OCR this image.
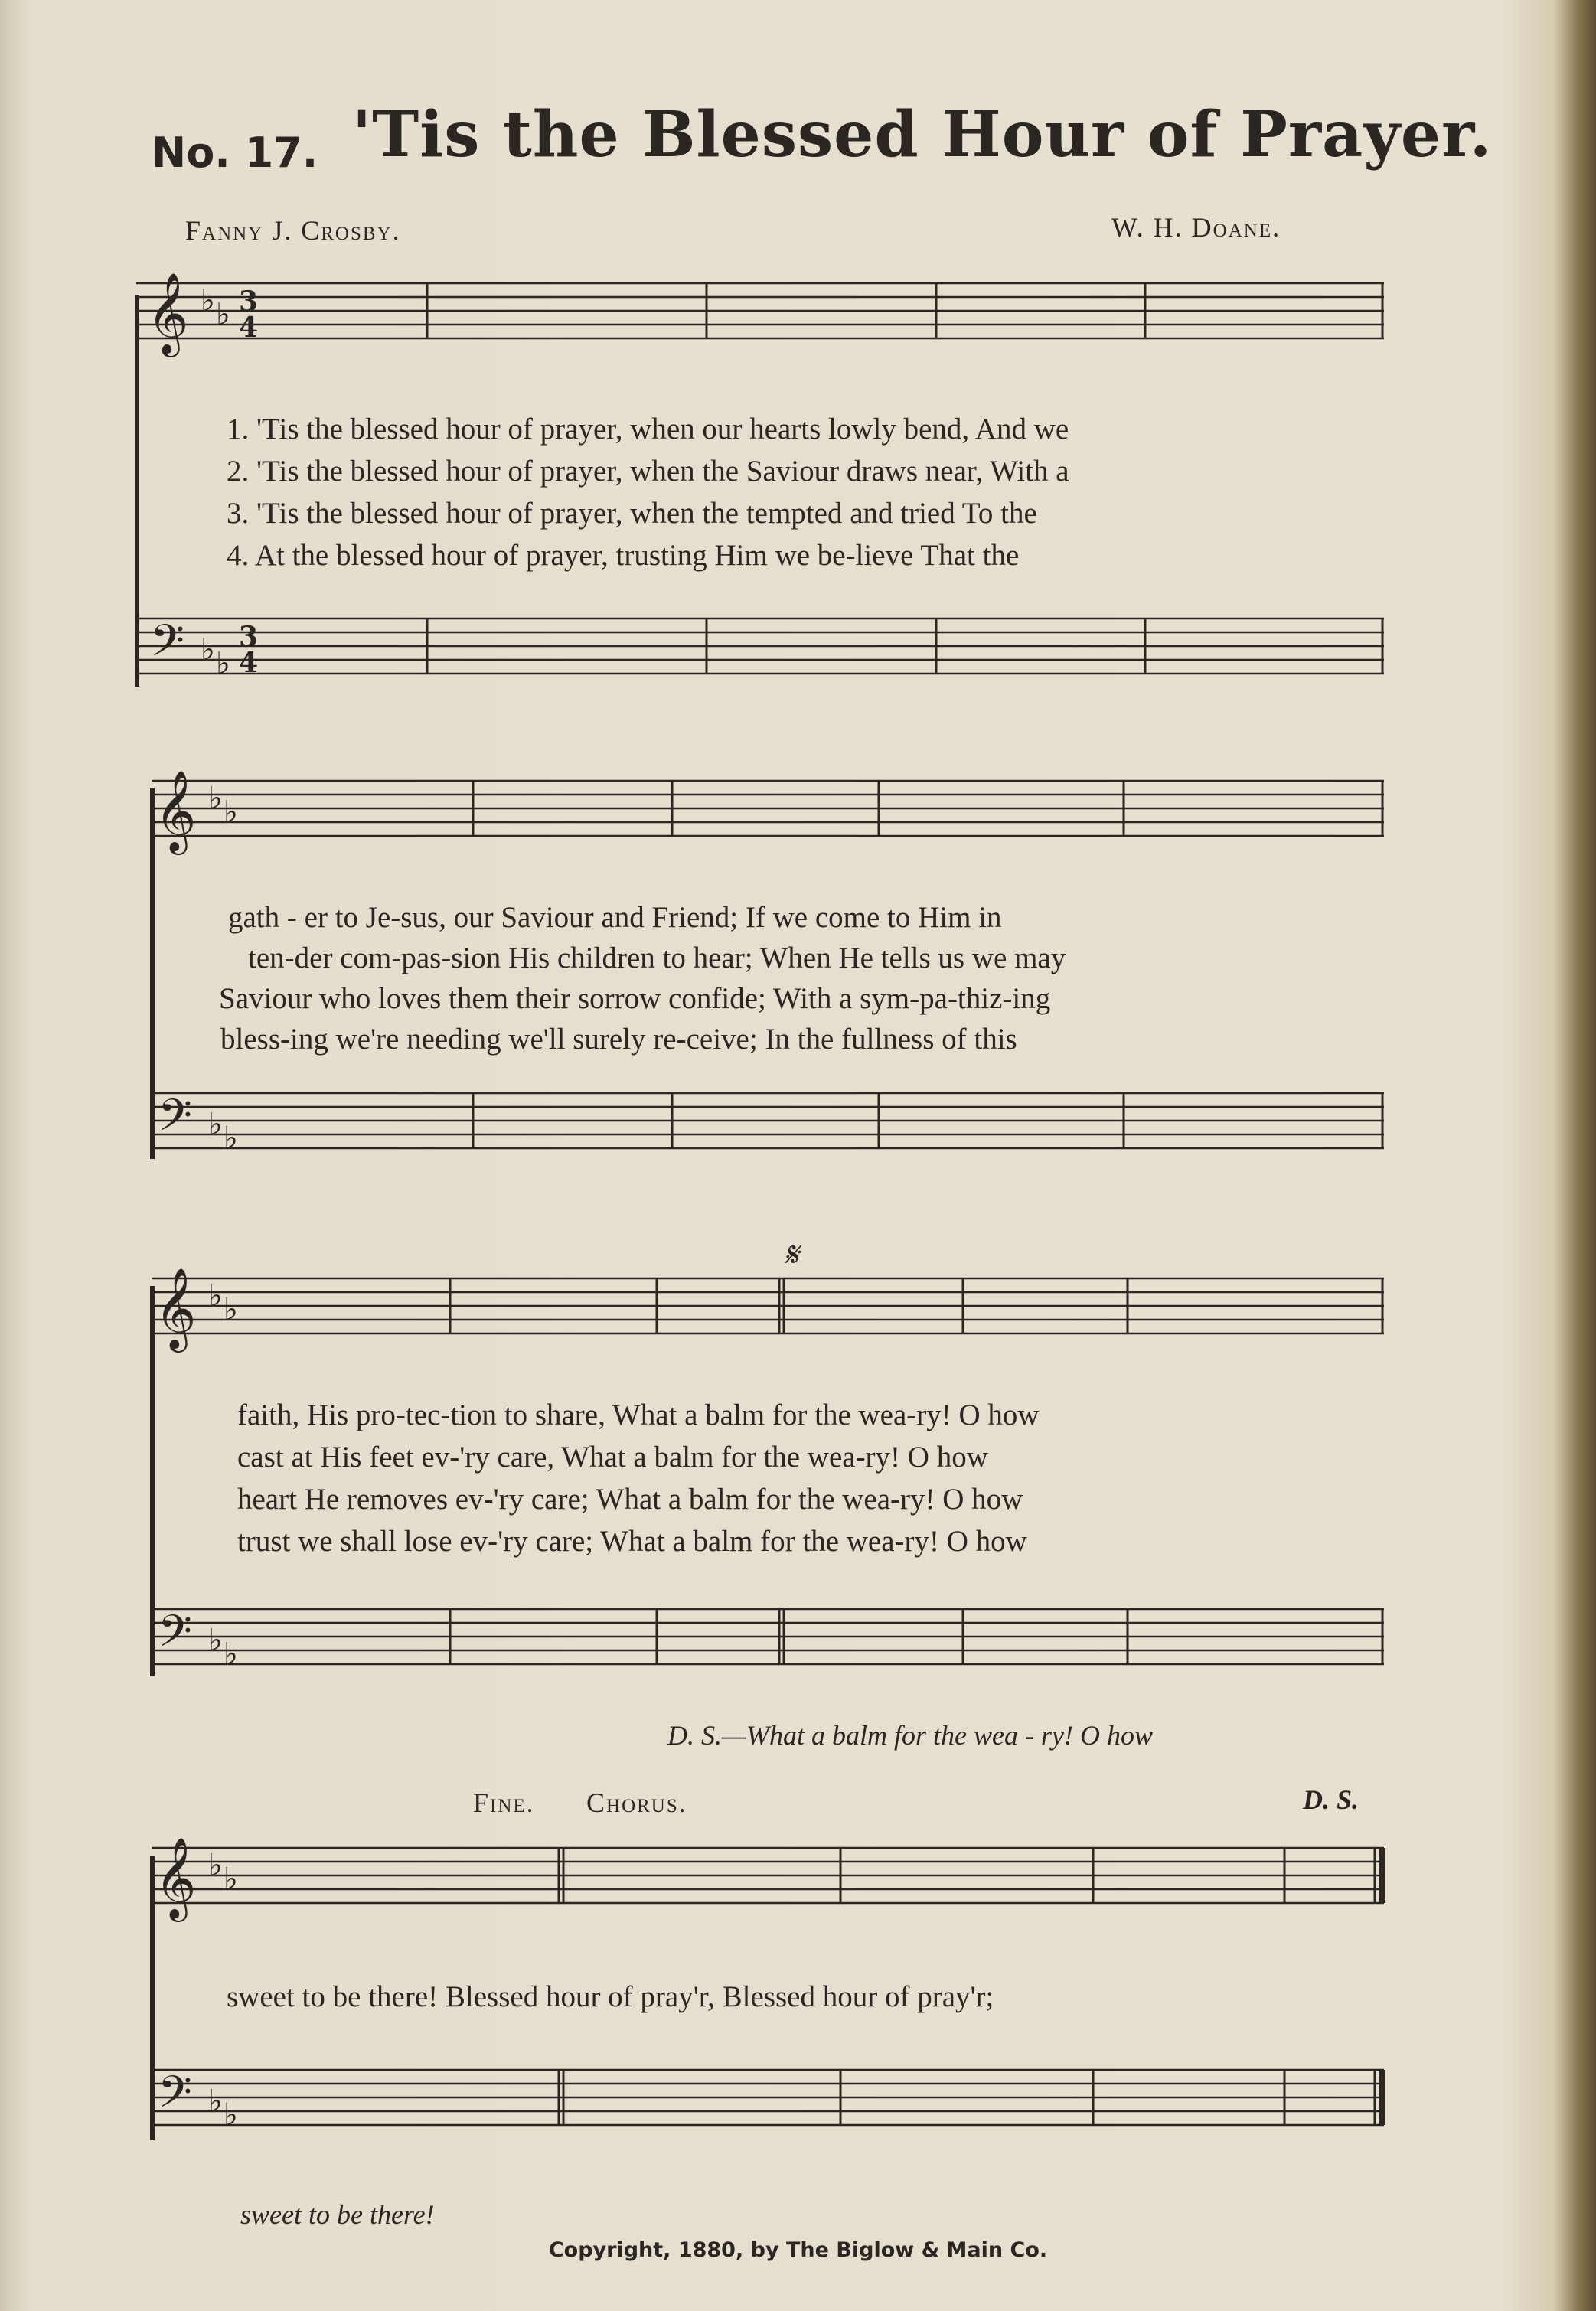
No. 17. 'Tis the Blessed Hour of Prayer.
Fanny J. Crosby.	W. H. Doane.
𝄞 ♭ ♭ 3
4
1. 'Tis the blessed hour of prayer, when our hearts lowly bend, And we
2. 'Tis the blessed hour of prayer, when the Saviour draws near, With a
3. 'Tis the blessed hour of prayer, when the tempted and tried To the
4. At the blessed hour of prayer, trusting Him we be-lieve That the
𝄢 ♭ ♭
3
4
𝄞 ♭ ♭
gath - er to Je-sus, our Saviour and Friend; If we come to Him in
ten-der com-pas-sion His children to hear; When He tells us we may
Saviour who loves them their sorrow confide; With a sym-pa-thiz-ing
bless-ing we're needing we'll surely re-ceive; In the fullness of this
𝄢 ♭ ♭
𝄞 ♭ ♭
𝄋
faith, His pro-tec-tion to share, What a balm for the wea-ry! O how
cast at His feet ev-'ry care, What a balm for the wea-ry! O how
heart He removes ev-'ry care; What a balm for the wea-ry! O how
trust we shall lose ev-'ry care; What a balm for the wea-ry! O how
𝄢 ♭ ♭
D. S.—What a balm for the wea - ry! O how
Fine. Chorus.	D. S.
𝄞 ♭ ♭
sweet to be there! Blessed hour of pray'r, Blessed hour of pray'r;
𝄢 ♭ ♭
sweet to be there!
Copyright, 1880, by The Biglow & Main Co.
